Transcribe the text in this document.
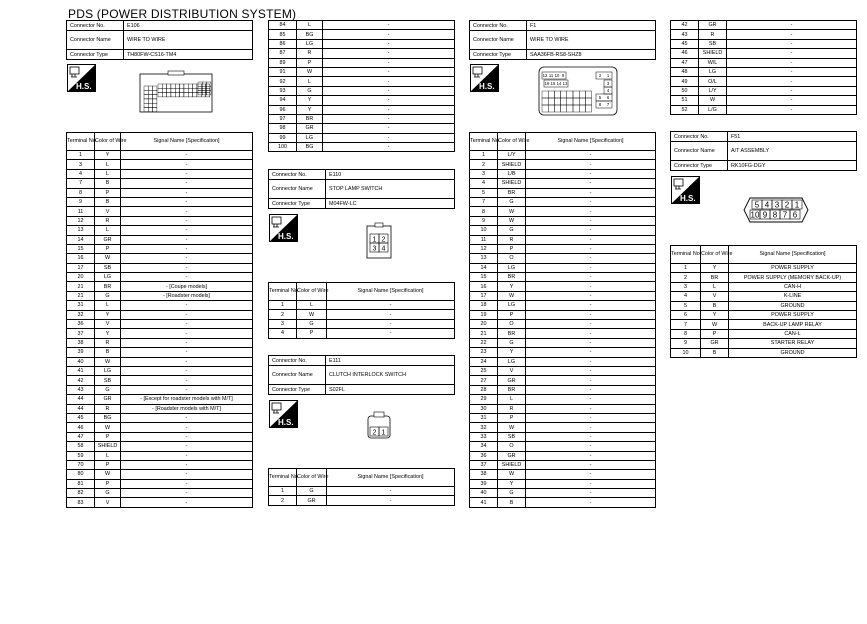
PDS (POWER DISTRIBUTION SYSTEM)
Connector No.	E106
Connector Name	WIRE TO WIRE
Connector Type	TH80FW-CS16-TM4
H.S.
Terminal No.	Color of Wire	Signal Name [Specification]
1	Y	-
3	L	-
4	L	-
7	B	-
8	P	-
9	B	-
11	V	-
12	R	-
13	L	-
14	GR	-
15	P	-
16	W	-
17	SB	-
20	LG	-
21	BR	- [Coupe models]
21	G	- [Roadster models]
31	L	-
32	Y	-
36	V	-
37	Y	-
38	R	-
39	B	-
40	W	-
41	LG	-
42	SB	-
43	G	-
44	GR	- [Except for roadster models with M/T]
44	R	- [Roadster models with M/T]
45	BG	-
46	W	-
47	P	-
58	SHIELD	-
59	L	-
70	P	-
80	W	-
81	P	-
82	G	-
83	V	-
84	L	-
85	BG	-
86	LG	-
87	R	-
89	P	-
91	W	-
92	L	-
93	G	-
94	Y	-
96	Y	-
97	BR	-
98	GR	-
99	LG	-
100	BG	-
Connector No.	E110
Connector Name	STOP LAMP SWITCH
Connector Type	M04FW-LC
H.S.	1 2
3 4
Terminal No.	Color of Wire	Signal Name [Specification]
1	L	-
2	W	-
3	G	-
4	P	-
Connector No.	E111
Connector Name	CLUTCH INTERLOCK SWITCH
Connector Type	S02FL
H.S.
2 1
Terminal No.	Color of Wire	Signal Name [Specification]
1	G	-
2	GR	-
Connector No.	F1
Connector Name	WIRE TO WIRE
Connector Type	SAA36FB-RS8-SHZ8
H.S.
12 11 10 9
16 15 14 13
2 1
3
4
5 6
8 7
Terminal No.	Color of Wire	Signal Name [Specification]
1	L/Y	-
2	SHIELD	-
3	L/B	-
4	SHIELD	-
5	BR	-
7	G	-
8	W	-
9	W	-
10	G	-
11	R	-
12	P	-
13	O	-
14	LG	-
15	BR	-
16	Y	-
17	W	-
18	LG	-
19	P	-
20	O	-
21	BR	-
22	G	-
23	Y	-
24	LG	-
25	V	-
27	GR	-
28	BR	-
29	L	-
30	R	-
31	P	-
32	W	-
33	SB	-
34	O	-
36	GR	-
37	SHIELD	-
38	W	-
39	Y	-
40	G	-
41	B	-
42	GR	-
43	R	-
45	SB	-
46	SHIELD	-
47	W/L	-
48	LG	-
49	O/L	-
50	L/Y	-
51	W	-
52	L/G	-
Connector No.	F51
Connector Name	A/T ASSEMBLY
Connector Type	RK10FG-DGY
H.S.
5 4 3 2 1
10 9 8 7 6
Terminal No.	Color of Wire	Signal Name [Specification]
1	Y	POWER SUPPLY
2	BR	POWER SUPPLY (MEMORY BACK-UP)
3	L	CAN-H
4	V	K-LINE
5	B	GROUND
6	Y	POWER SUPPLY
7	W	BACK-UP LAMP RELAY
8	P	CAN-L
9	GR	STARTER RELAY
10	B	GROUND
